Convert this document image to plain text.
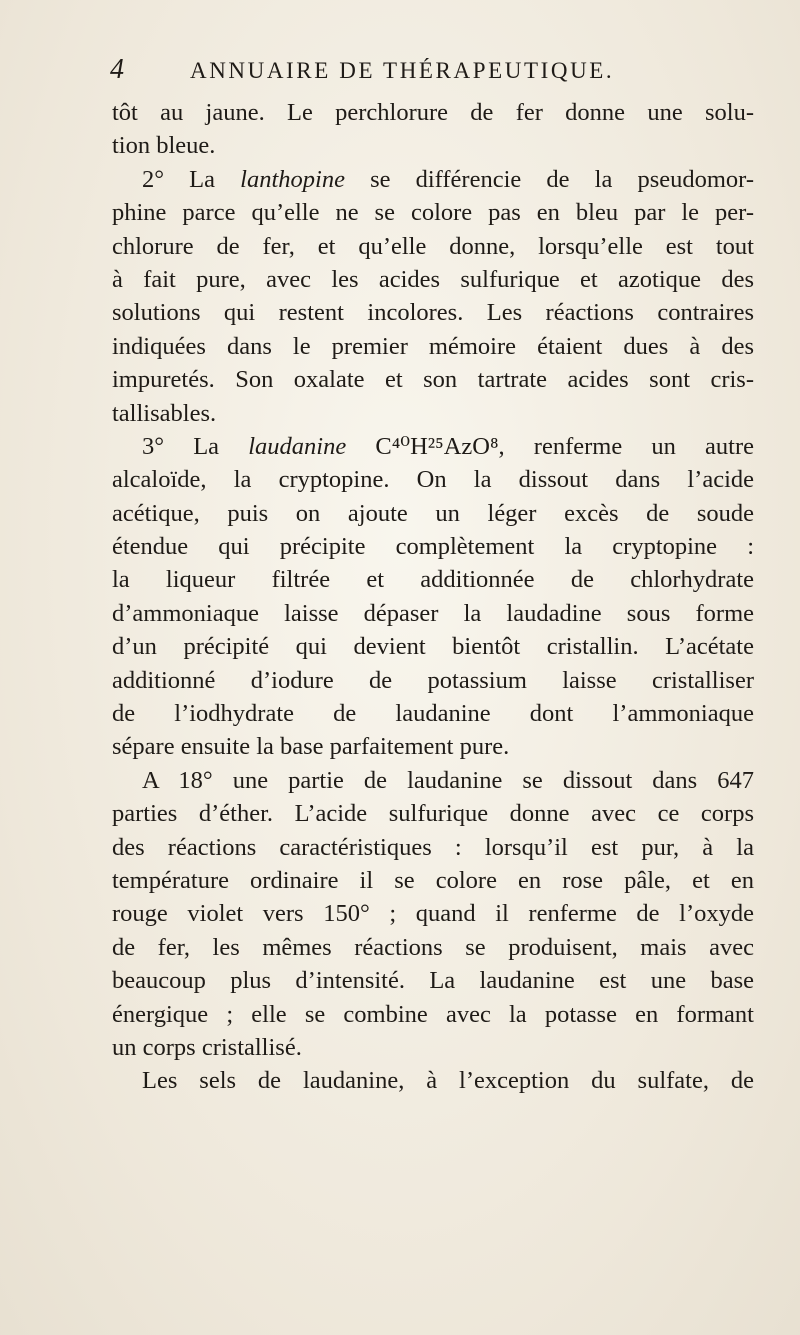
4	ANNUAIRE DE THÉRAPEUTIQUE.
tôt au jaune. Le perchlorure de fer donne une solu-
tion bleue.
2° La lanthopine se différencie de la pseudomor-
phine parce qu’elle ne se colore pas en bleu par le per-
chlorure de fer, et qu’elle donne, lorsqu’elle est tout
à fait pure, avec les acides sulfurique et azotique des
solutions qui restent incolores. Les réactions contraires
indiquées dans le premier mémoire étaient dues à des
impuretés. Son oxalate et son tartrate acides sont cris-
tallisables.
3° La laudanine C⁴⁰H²⁵AzO⁸, renferme un autre
alcaloïde, la cryptopine. On la dissout dans l’acide
acétique, puis on ajoute un léger excès de soude
étendue qui précipite complètement la cryptopine :
la liqueur filtrée et additionnée de chlorhydrate
d’ammoniaque laisse dépaser la laudadine sous forme
d’un précipité qui devient bientôt cristallin. L’acétate
additionné d’iodure de potassium laisse cristalliser
de l’iodhydrate de laudanine dont l’ammoniaque
sépare ensuite la base parfaitement pure.
A 18° une partie de laudanine se dissout dans 647
parties d’éther. L’acide sulfurique donne avec ce corps
des réactions caractéristiques : lorsqu’il est pur, à la
température ordinaire il se colore en rose pâle, et en
rouge violet vers 150° ; quand il renferme de l’oxyde
de fer, les mêmes réactions se produisent, mais avec
beaucoup plus d’intensité. La laudanine est une base
énergique ; elle se combine avec la potasse en formant
un corps cristallisé.
Les sels de laudanine, à l’exception du sulfate, de
